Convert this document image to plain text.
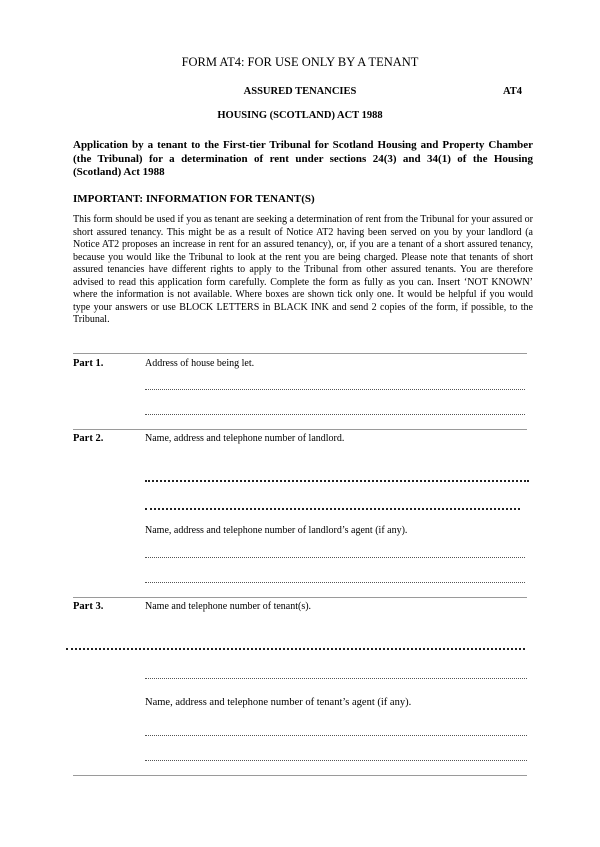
FORM AT4: FOR USE ONLY BY A TENANT
ASSURED TENANCIES	AT4
HOUSING (SCOTLAND) ACT 1988

Application by a tenant to the First-tier Tribunal for Scotland Housing and Property Chamber (the Tribunal) for a determination of rent under sections 24(3) and 34(1) of the Housing (Scotland) Act 1988

IMPORTANT: INFORMATION FOR TENANT(S)

This form should be used if you as tenant are seeking a determination of rent from the Tribunal for your assured or short assured tenancy. This might be as a result of Notice AT2 having been served on you by your landlord (a Notice AT2 proposes an increase in rent for an assured tenancy), or, if you are a tenant of a short assured tenancy, because you would like the Tribunal to look at the rent you are being charged. Please note that tenants of short assured tenancies have different rights to apply to the Tribunal from other assured tenants. You are therefore advised to read this application form carefully. Complete the form as fully as you can. Insert ‘NOT KNOWN’ where the information is not available. Where boxes are shown tick only one. It would be helpful if you would type your answers or use BLOCK LETTERS in BLACK INK and send 2 copies of the form, if possible, to the Tribunal.

Part 1.	Address of house being let.
Part 2.	Name, address and telephone number of landlord.
Name, address and telephone number of landlord’s agent (if any).
Part 3.	Name and telephone number of tenant(s).
Name, address and telephone number of tenant’s agent (if any).
